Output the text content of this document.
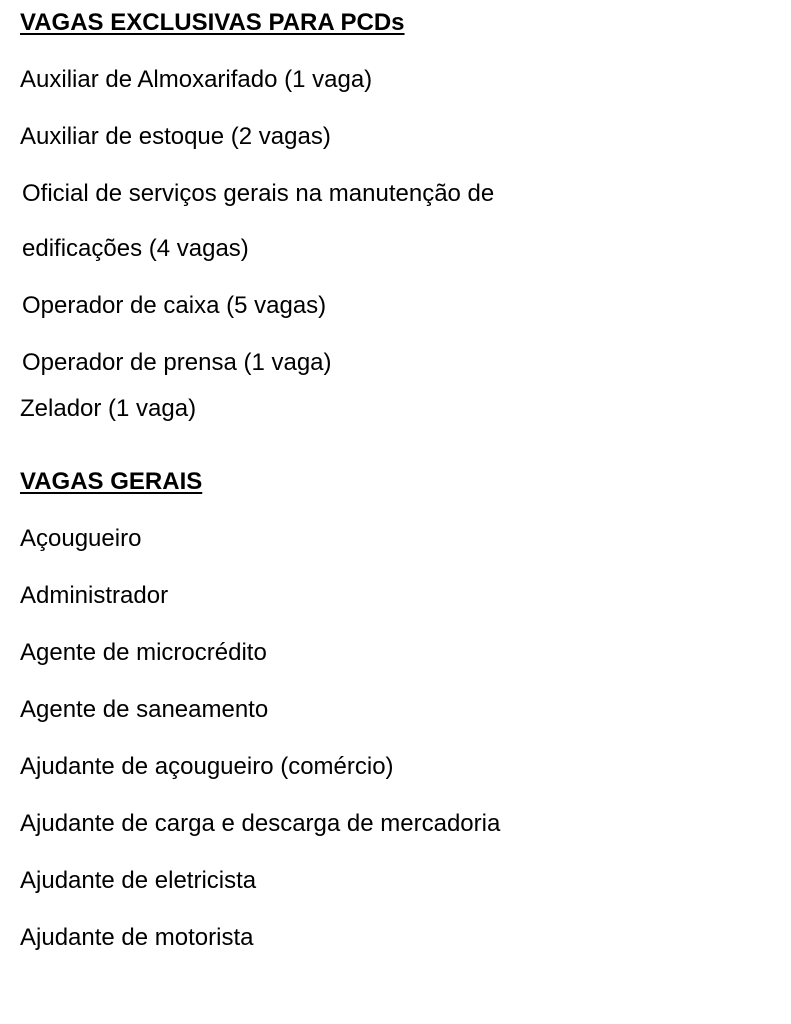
VAGAS EXCLUSIVAS PARA PCDs
Auxiliar de Almoxarifado (1 vaga)
Auxiliar de estoque (2 vagas)
Oficial de serviços gerais na manutenção de
edificações (4 vagas)
Operador de caixa (5 vagas)
Operador de prensa (1 vaga)
Zelador (1 vaga)
VAGAS GERAIS
Açougueiro
Administrador
Agente de microcrédito
Agente de saneamento
Ajudante de açougueiro (comércio)
Ajudante de carga e descarga de mercadoria
Ajudante de eletricista
Ajudante de motorista
